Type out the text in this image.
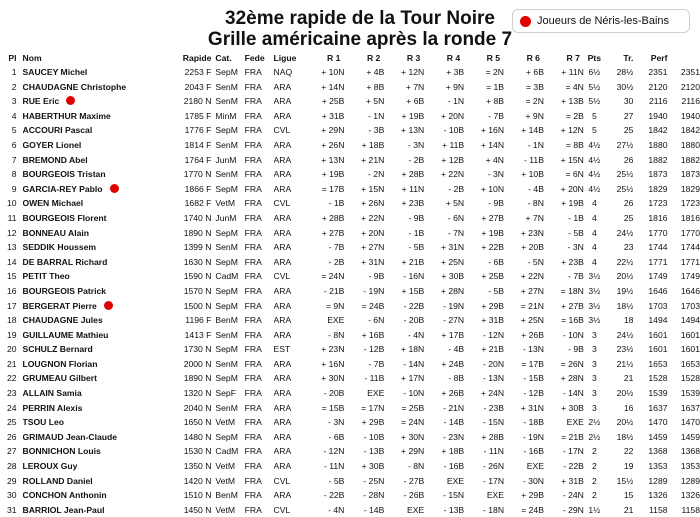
32ème rapide de la Tour Noire
Grille américaine après la ronde 7
Joueurs de Néris-les-Bains
Pl	Nom	Rapide	Cat.	Fede	Ligue	R 1	R 2	R 3	R 4	R 5	R 6	R 7	Pts	Tr.	Perf	
1	SAUCEY Michel	2253 F	SepM	FRA	NAQ	+ 10N	+ 4B	+ 12N	+ 3B	= 2N	+ 6B	+ 11N	6½	28½	2351	2351
2	CHAUDAGNE Christophe	2043 F	SenM	FRA	ARA	+ 14N	+ 8B	+ 7N	+ 9N	= 1B	= 3B	= 4N	5½	30½	2120	2120
3	RUE Eric	2180 N	SenM	FRA	ARA	+ 25B	+ 5N	+ 6B	- 1N	+ 8B	= 2N	+ 13B	5½	30	2116	2116
4	HABERTHUR Maxime	1785 F	MinM	FRA	ARA	+ 31B	- 1N	+ 19B	+ 20N	- 7B	+ 9N	= 2B	5	27	1940	1940
5	ACCOURI Pascal	1776 F	SepM	FRA	CVL	+ 29N	- 3B	+ 13N	- 10B	+ 16N	+ 14B	+ 12N	5	25	1842	1842
6	GOYER Lionel	1814 F	SenM	FRA	ARA	+ 26N	+ 18B	- 3N	+ 11B	+ 14N	- 1N	= 8B	4½	27½	1880	1880
7	BREMOND Abel	1764 F	JunM	FRA	ARA	+ 13N	+ 21N	- 2B	+ 12B	+ 4N	- 11B	+ 15N	4½	26	1882	1882
8	BOURGEOIS Tristan	1770 N	SenM	FRA	ARA	+ 19B	- 2N	+ 28B	+ 22N	- 3N	+ 10B	= 6N	4½	25½	1873	1873
9	GARCIA-REY Pablo	1866 F	SepM	FRA	ARA	= 17B	+ 15N	+ 11N	- 2B	+ 10N	- 4B	+ 20N	4½	25½	1829	1829
10	OWEN Michael	1682 F	VetM	FRA	CVL	- 1B	+ 26N	+ 23B	+ 5N	- 9B	- 8N	+ 19B	4	26	1723	1723
11	BOURGEOIS Florent	1740 N	JunM	FRA	ARA	+ 28B	+ 22N	- 9B	- 6N	+ 27B	+ 7N	- 1B	4	25	1816	1816
12	BONNEAU Alain	1890 N	SepM	FRA	ARA	+ 27B	+ 20N	- 1B	- 7N	+ 19B	+ 23N	- 5B	4	24½	1770	1770
13	SEDDIK Houssem	1399 N	SenM	FRA	ARA	- 7B	+ 27N	- 5B	+ 31N	+ 22B	+ 20B	- 3N	4	23	1744	1744
14	DE BARRAL Richard	1630 N	SepM	FRA	ARA	- 2B	+ 31N	+ 21B	+ 25N	- 6B	- 5N	+ 23B	4	22½	1771	1771
15	PETIT Theo	1590 N	CadM	FRA	CVL	= 24N	- 9B	- 16N	+ 30B	+ 25B	+ 22N	- 7B	3½	20½	1749	1749
16	BOURGEOIS Patrick	1570 N	SepM	FRA	ARA	- 21B	- 19N	+ 15B	+ 28N	- 5B	+ 27N	= 18N	3½	19½	1646	1646
17	BERGERAT Pierre	1500 N	SepM	FRA	ARA	= 9N	= 24B	- 22B	- 19N	+ 29B	= 21N	+ 27B	3½	18½	1703	1703
18	CHAUDAGNE Jules	1196 F	BenM	FRA	ARA	EXE	- 6N	- 20B	- 27N	+ 31B	+ 25N	= 16B	3½	18	1494	1494
19	GUILLAUME Mathieu	1413 F	SenM	FRA	ARA	- 8N	+ 16B	- 4N	+ 17B	- 12N	+ 26B	- 10N	3	24½	1601	1601
20	SCHULZ Bernard	1730 N	SepM	FRA	EST	+ 23N	- 12B	+ 18N	- 4B	+ 21B	- 13N	- 9B	3	23½	1601	1601
21	LOUGNON Florian	2000 N	SenM	FRA	ARA	+ 16N	- 7B	- 14N	+ 24B	- 20N	= 17B	= 26N	3	21½	1653	1653
22	GRUMEAU Gilbert	1890 N	SepM	FRA	ARA	+ 30N	- 11B	+ 17N	- 8B	- 13N	- 15B	+ 28N	3	21	1528	1528
23	ALLAIN Samia	1320 N	SepF	FRA	ARA	- 20B	EXE	- 10N	+ 26B	+ 24N	- 12B	- 14N	3	20½	1539	1539
24	PERRIN Alexis	2040 N	SenM	FRA	ARA	= 15B	= 17N	= 25B	- 21N	- 23B	+ 31N	+ 30B	3	16	1637	1637
25	TSOU Leo	1650 N	VetM	FRA	ARA	- 3N	+ 29B	= 24N	- 14B	- 15N	- 18B	EXE	2½	20½	1470	1470
26	GRIMAUD Jean-Claude	1480 N	SepM	FRA	ARA	- 6B	- 10B	+ 30N	- 23N	+ 28B	- 19N	= 21B	2½	18½	1459	1459
27	BONNICHON Louis	1530 N	CadM	FRA	ARA	- 12N	- 13B	+ 29N	+ 18B	- 11N	- 16B	- 17N	2	22	1368	1368
28	LEROUX Guy	1350 N	VetM	FRA	ARA	- 11N	+ 30B	- 8N	- 16B	- 26N	EXE	- 22B	2	19	1353	1353
29	ROLLAND Daniel	1420 N	VetM	FRA	CVL	- 5B	- 25N	- 27B	EXE	- 17N	- 30N	+ 31B	2	15½	1289	1289
30	CONCHON Anthonin	1510 N	BenM	FRA	ARA	- 22B	- 28N	- 26B	- 15N	EXE	+ 29B	- 24N	2	15	1326	1326
31	BARRIOL Jean-Paul	1450 N	VetM	FRA	CVL	- 4N	- 14B	EXE	- 13B	- 18N	= 24B	- 29N	1½	21	1158	1158
